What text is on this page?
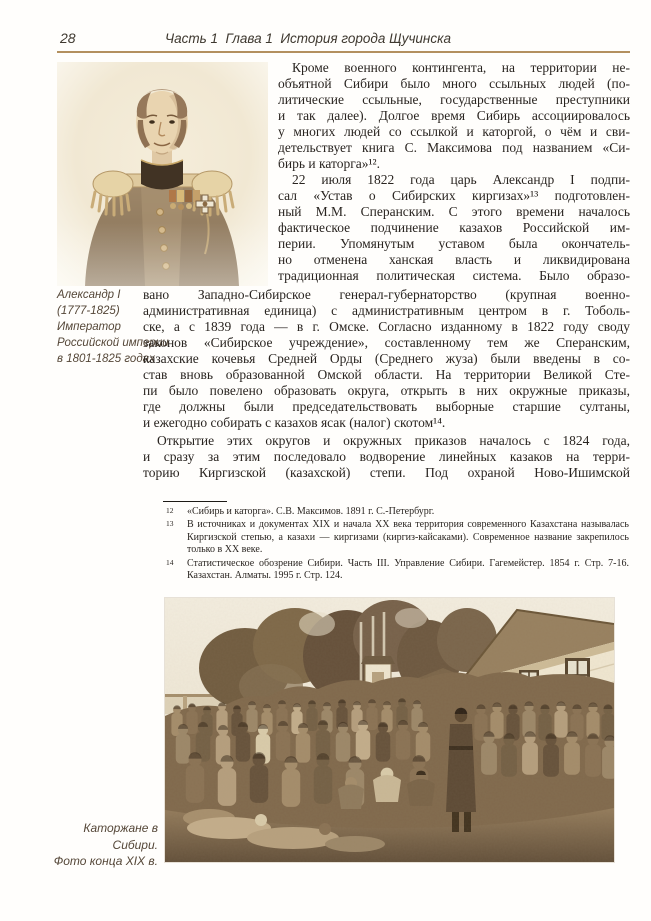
28	Часть 1  Глава 1  История города Щучинска
Александр I
(1777-1825)
Император
Российской империи
в 1801-1825 годах
Кроме военного контингента, на территории не-
объятной Сибири было много ссыльных людей (по-
литические ссыльные, государственные преступники
и так далее). Долгое время Сибирь ассоциировалось
у многих людей со ссылкой и каторгой, о чём и сви-
детельствует книга С. Максимова под названием «Си-
бирь и каторга»¹².
22 июля 1822 года царь Александр I подпи-
сал «Устав о Сибирских киргизах»¹³ подготовлен-
ный М.М. Сперанским. С этого времени началось
фактическое подчинение казахов Российской им-
перии. Упомянутым уставом была окончатель-
но отменена ханская власть и ликвидирована
традиционная политическая система. Было образо-
вано Западно-Сибирское генерал-губернаторство (крупная военно-
административная единица) с административным центром в г. Тоболь-
ске, а с 1839 года — в г. Омске. Согласно изданному в 1822 году своду
законов «Сибирское учреждение», составленному тем же Сперанским,
казахские кочевья Средней Орды (Среднего жуза) были введены в со-
став вновь образованной Омской области. На территории Великой Сте-
пи было повелено образовать округа, открыть в них окружные приказы,
где должны были председательствовать выборные старшие султаны,
и ежегодно собирать с казахов ясак (налог) скотом¹⁴.
Открытие этих округов и окружных приказов началось с 1824 года,
и сразу за этим последовало водворение линейных казаков на терри-
торию Киргизской (казахской) степи. Под охраной Ново-Ишимской
12 «Сибирь и каторга». С.В. Максимов. 1891 г. С.-Петербург.
13 В источниках и документах XIX и начала XX века территория современного Казахстана называлась Киргизской степью, а казахи — киргизами (киргиз-кайсаками). Современное название закрепилось только в XX веке.
14 Статистическое обозрение Сибири. Часть III. Управление Сибири. Гагемейстер. 1854 г. Стр. 7-16. Казахстан. Алматы. 1995 г. Стр. 124.
Каторжане в
Сибири.
Фото конца XIX в.
